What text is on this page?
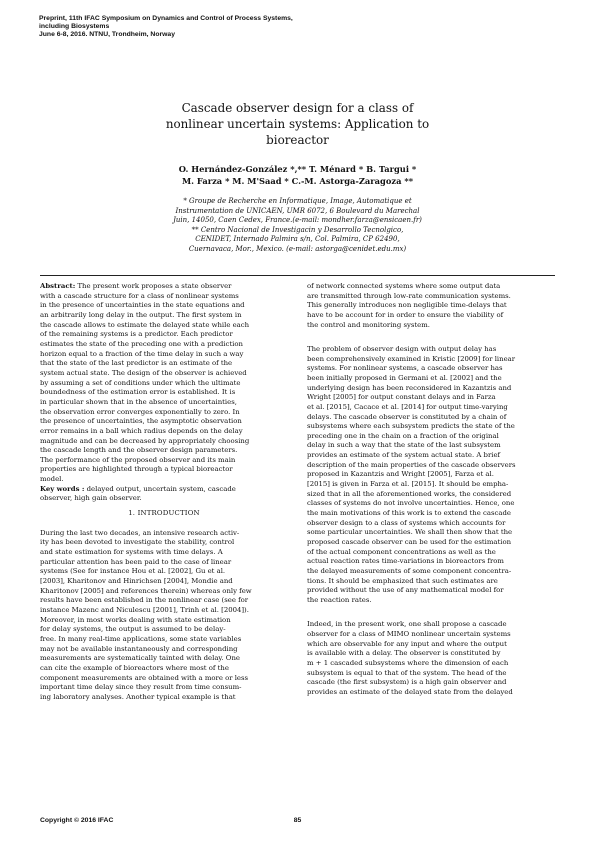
Preprint, 11th IFAC Symposium on Dynamics and Control of Process Systems,
including Biosystems
June 6-8, 2016. NTNU, Trondheim, Norway
Cascade observer design for a class of
nonlinear uncertain systems: Application to
bioreactor
O. Hernández-González *,** T. Ménard * B. Targui *
M. Farza * M. M'Saad * C.-M. Astorga-Zaragoza **
* Groupe de Recherche en Informatique, Image, Automatique et
Instrumentation de UNICAEN, UMR 6072, 6 Boulevard du Marechal
Juin, 14050, Caen Cedex, France.(e-mail: mondher.farza@ensicaen.fr)
** Centro Nacional de Investigacin y Desarrollo Tecnolgico,
CENIDET, Internado Palmira s/n, Col. Palmira, CP 62490,
Cuernavaca, Mor., Mexico. (e-mail: astorga@cenidet.edu.mx)
Abstract: The present work proposes a state observer
with a cascade structure for a class of nonlinear systems
in the presence of uncertainties in the state equations and
an arbitrarily long delay in the output. The first system in
the cascade allows to estimate the delayed state while each
of the remaining systems is a predictor. Each predictor
estimates the state of the preceding one with a prediction
horizon equal to a fraction of the time delay in such a way
that the state of the last predictor is an estimate of the
system actual state. The design of the observer is achieved
by assuming a set of conditions under which the ultimate
boundedness of the estimation error is established. It is
in particular shown that in the absence of uncertainties,
the observation error converges exponentially to zero. In
the presence of uncertainties, the asymptotic observation
error remains in a ball which radius depends on the delay
magnitude and can be decreased by appropriately choosing
the cascade length and the observer design parameters.
The performance of the proposed observer and its main
properties are highlighted through a typical bioreactor
model.
Key words : delayed output, uncertain system, cascade
observer, high gain observer.
1. INTRODUCTION
During the last two decades, an intensive research activ-
ity has been devoted to investigate the stability, control
and state estimation for systems with time delays. A
particular attention has been paid to the case of linear
systems (See for instance Hou et al. [2002], Gu et al.
[2003], Kharitonov and Hinrichsen [2004], Mondie and
Kharitonov [2005] and references therein) whereas only few
results have been established in the nonlinear case (see for
instance Mazenc and Niculescu [2001], Trinh et al. [2004]).
Moreover, in most works dealing with state estimation
for delay systems, the output is assumed to be delay-
free. In many real-time applications, some state variables
may not be available instantaneously and corresponding
measurements are systematically tainted with delay. One
can cite the example of bioreactors where most of the
component measurements are obtained with a more or less
important time delay since they result from time consum-
ing laboratory analyses. Another typical example is that
of network connected systems where some output data
are transmitted through low-rate communication systems.
This generally introduces non negligible time-delays that
have to be account for in order to ensure the viability of
the control and monitoring system.
The problem of observer design with output delay has
been comprehensively examined in Kristic [2009] for linear
systems. For nonlinear systems, a cascade observer has
been initially proposed in Germani et al. [2002] and the
underlying design has been reconsidered in Kazantzis and
Wright [2005] for output constant delays and in Farza
et al. [2015], Cacace et al. [2014] for output time-varying
delays. The cascade observer is constituted by a chain of
subsystems where each subsystem predicts the state of the
preceding one in the chain on a fraction of the original
delay in such a way that the state of the last subsystem
provides an estimate of the system actual state. A brief
description of the main properties of the cascade observers
proposed in Kazantzis and Wright [2005], Farza et al.
[2015] is given in Farza et al. [2015]. It should be empha-
sized that in all the aforementioned works, the considered
classes of systems do not involve uncertainties. Hence, one
the main motivations of this work is to extend the cascade
observer design to a class of systems which accounts for
some particular uncertainties. We shall then show that the
proposed cascade observer can be used for the estimation
of the actual component concentrations as well as the
actual reaction rates time-variations in bioreactors from
the delayed measurements of some component concentra-
tions. It should be emphasized that such estimates are
provided without the use of any mathematical model for
the reaction rates.
Indeed, in the present work, one shall propose a cascade
observer for a class of MIMO nonlinear uncertain systems
which are observable for any input and where the output
is available with a delay. The observer is constituted by
m + 1 cascaded subsystems where the dimension of each
subsystem is equal to that of the system. The head of the
cascade (the first subsystem) is a high gain observer and
provides an estimate of the delayed state from the delayed
Copyright © 2016 IFAC	85
